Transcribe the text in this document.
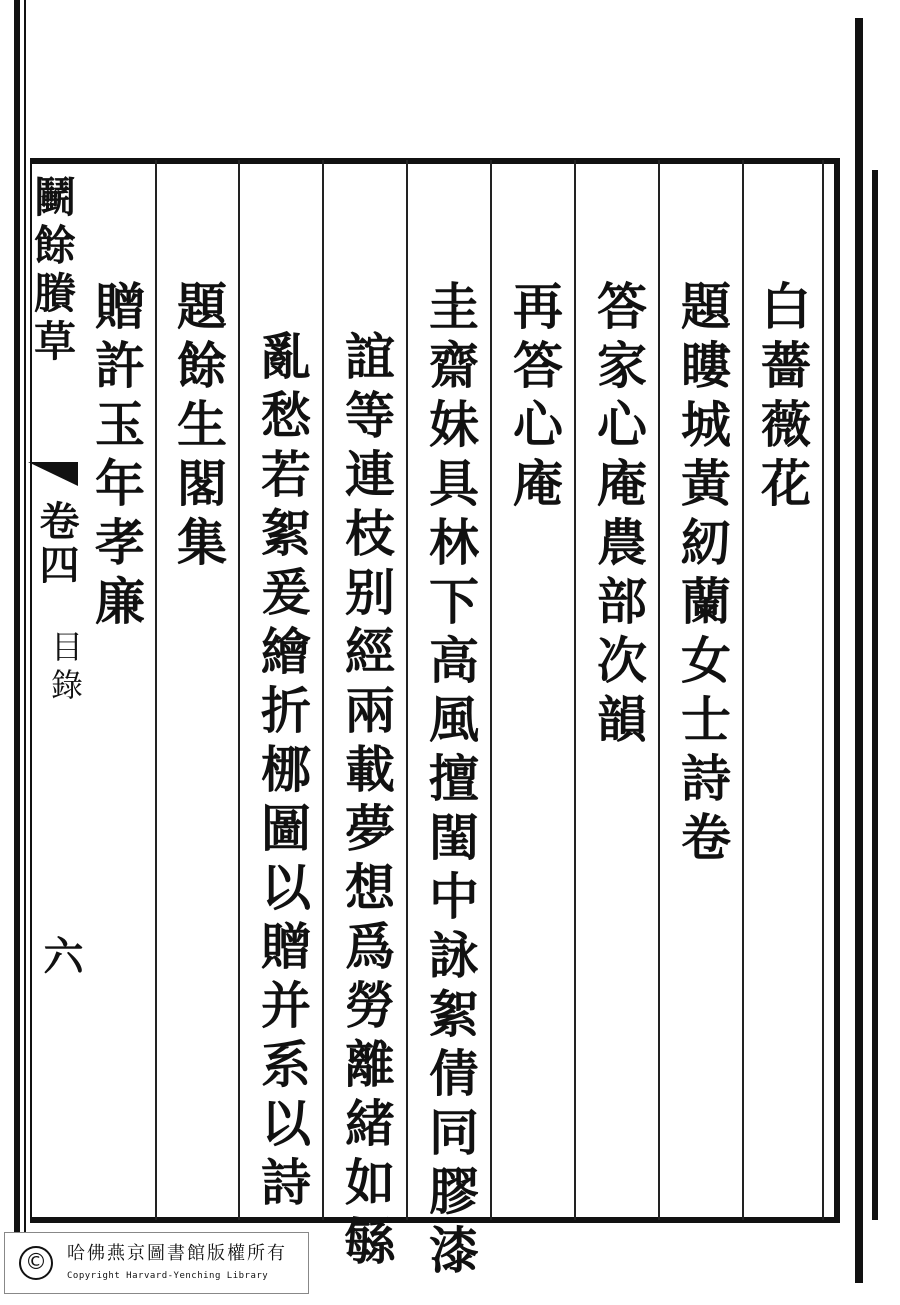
白薔薇花
題瞜城黃紉蘭女士詩卷
答家心庵農部次韻
再答心庵
圭齋妹具林下高風擅閨中詠絮倩同膠漆
誼等連枝别經兩載夢想爲勞離緒如緐
亂愁若絮爰繪折梛圖以贈并系以詩
題餘生閣集
贈許玉年孝廉
鬭餘賸草
卷四
目錄
六
©	哈佛燕京圖書館版權所有
Copyright Harvard-Yenching Library
